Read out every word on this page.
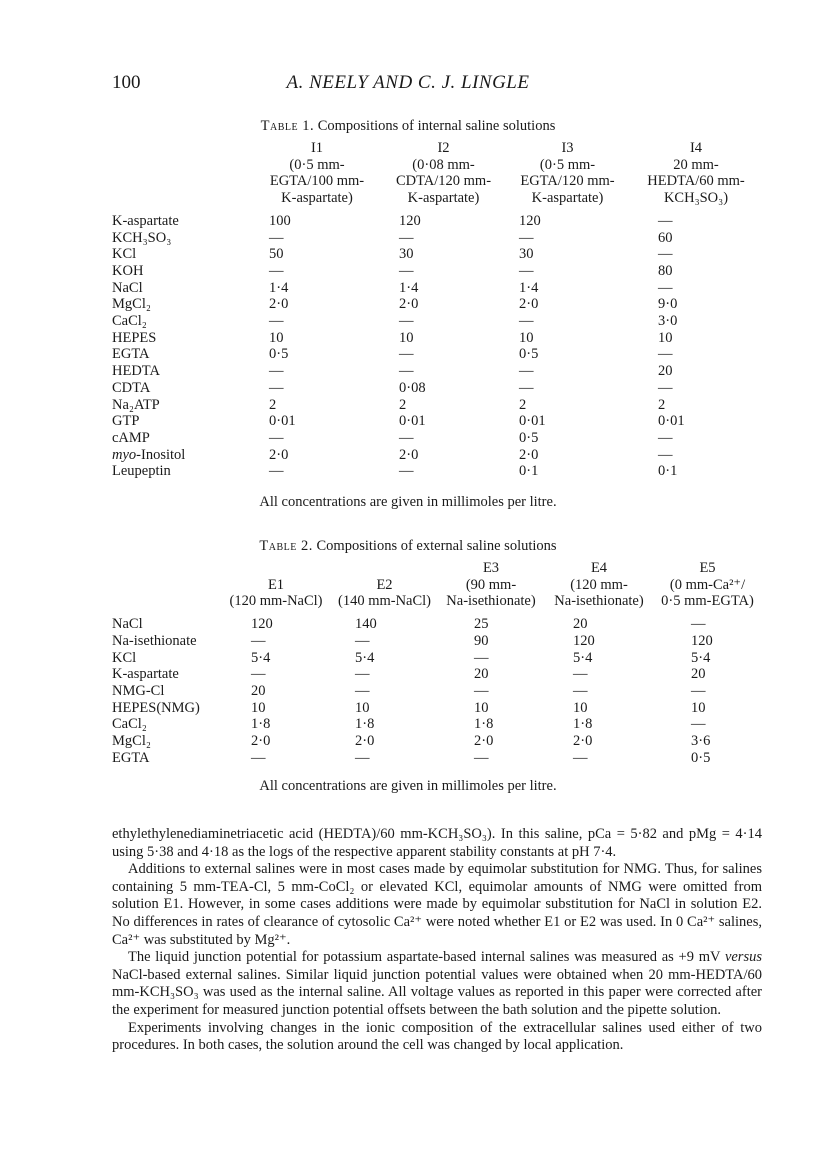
100	A. NEELY AND C. J. LINGLE
Table 1. Compositions of internal saline solutions
	I1	I2	I3	I4
	(0·5 mm-	(0·08 mm-	(0·5 mm-	20 mm-
	EGTA/100 mm-	CDTA/120 mm-	EGTA/120 mm-	HEDTA/60 mm-
	K-aspartate)	K-aspartate)	K-aspartate)	KCH₃SO₃)

K-aspartate	100	120	120	—
KCH₃SO₃	—	—	—	60
KCl	50	30	30	—
KOH	—	—	—	80
NaCl	1·4	1·4	1·4	—
MgCl₂	2·0	2·0	2·0	9·0
CaCl₂	—	—	—	3·0
HEPES	10	10	10	10
EGTA	0·5	—	0·5	—
HEDTA	—	—	—	20
CDTA	—	0·08	—	—
Na₂ATP	2	2	2	2
GTP	0·01	0·01	0·01	0·01
cAMP	—	—	0·5	—
myo-Inositol	2·0	2·0	2·0	—
Leupeptin	—	—	0·1	0·1
All concentrations are given in millimoles per litre.
Table 2. Compositions of external saline solutions
			E3	E4	E5
	E1	E2	(90 mm-	(120 mm-	(0 mm-Ca²⁺/
	(120 mm-NaCl)	(140 mm-NaCl)	Na-isethionate)	Na-isethionate)	0·5 mm-EGTA)

NaCl	120	140	25	20	—
Na-isethionate	—	—	90	120	120
KCl	5·4	5·4	—	5·4	5·4
K-aspartate	—	—	20	—	20
NMG-Cl	20	—	—	—	—
HEPES(NMG)	10	10	10	10	10
CaCl₂	1·8	1·8	1·8	1·8	—
MgCl₂	2·0	2·0	2·0	2·0	3·6
EGTA	—	—	—	—	0·5
All concentrations are given in millimoles per litre.

ethylethylenediaminetriacetic acid (HEDTA)/60 mm-KCH₃SO₃). In this saline, pCa = 5·82 and pMg = 4·14 using 5·38 and 4·18 as the logs of the respective apparent stability constants at pH 7·4.

Additions to external salines were in most cases made by equimolar substitution for NMG. Thus, for salines containing 5 mm-TEA-Cl, 5 mm-CoCl₂ or elevated KCl, equimolar amounts of NMG were omitted from solution E1. However, in some cases additions were made by equimolar substitution for NaCl in solution E2. No differences in rates of clearance of cytosolic Ca²⁺ were noted whether E1 or E2 was used. In 0 Ca²⁺ salines, Ca²⁺ was substituted by Mg²⁺.

The liquid junction potential for potassium aspartate-based internal salines was measured as +9 mV versus NaCl-based external salines. Similar liquid junction potential values were obtained when 20 mm-HEDTA/60 mm-KCH₃SO₃ was used as the internal saline. All voltage values as reported in this paper were corrected after the experiment for measured junction potential offsets between the bath solution and the pipette solution.

Experiments involving changes in the ionic composition of the extracellular salines used either of two procedures. In both cases, the solution around the cell was changed by local application.
